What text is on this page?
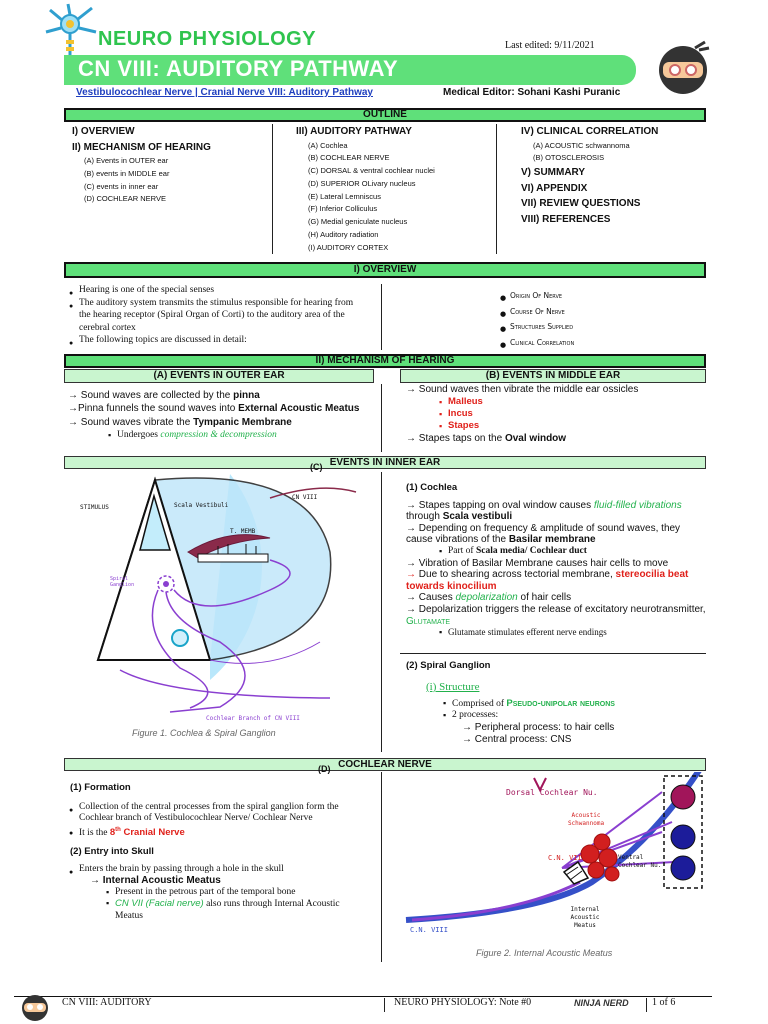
NEURO PHYSIOLOGY	Last edited: 9/11/2021
CN VIII: AUDITORY PATHWAY
Vestibulocochlear Nerve | Cranial Nerve VIII: Auditory Pathway	Medical Editor: Sohani Kashi Puranic
OUTLINE
I) OVERVIEW
II) MECHANISM OF HEARING
(A) Events in OUTER ear
(B) events in MIDDLE ear
(C) events in inner ear
(D) COCHLEAR NERVE
III) AUDITORY PATHWAY
(A) Cochlea
(B) COCHLEAR NERVE
(C) DORSAL & ventral cochlear nuclei
(D) SUPERIOR OLivary nucleus
(E) Lateral Lemniscus
(F) Inferior Colliculus
(G) Medial geniculate nucleus
(H) Auditory radiation
(I) AUDITORY CORTEX
IV) CLINICAL CORRELATION
(A) ACOUSTIC schwannoma
(B) OTOSCLEROSIS
V) SUMMARY
VI) APPENDIX
VII) REVIEW QUESTIONS
VIII) REFERENCES
I) OVERVIEW
● Hearing is one of the special senses
● The auditory system transmits the stimulus responsible for hearing from the hearing receptor (Spiral Organ of Corti) to the auditory area of the cerebral cortex
● The following topics are discussed in detail:
● Origin Of Nerve
● Course Of Nerve
● Structures Supplied
● Clinical Correlation
II) MECHANISM OF HEARING
(A) EVENTS IN OUTER EAR	(B) EVENTS IN MIDDLE EAR
→ Sound waves are collected by the pinna
→Pinna funnels the sound waves into External Acoustic Meatus
→ Sound waves vibrate the Tympanic Membrane
▪ Undergoes compression & decompression
→ Sound waves then vibrate the middle ear ossicles
▪ Malleus
▪ Incus
▪ Stapes
→ Stapes taps on the Oval window
EVENTS IN INNER EAR
(C)
STIMULUS	Scala Vestibuli
CN VIII
T. MEMB
Spiral Ganglion
Cochlear Branch of CN VIII
Figure 1. Cochlea & Spiral Ganglion
(1) Cochlea
→ Stapes tapping on oval window causes fluid-filled vibrations through Scala vestibuli
→ Depending on frequency & amplitude of sound waves, they cause vibrations of the Basilar membrane
▪ Part of Scala media/ Cochlear duct
→ Vibration of Basilar Membrane causes hair cells to move
→ Due to shearing across tectorial membrane, stereocilia beat towards kinocilium
→ Causes depolarization of hair cells
→ Depolarization triggers the release of excitatory neurotransmitter, Glutamate
▪ Glutamate stimulates efferent nerve endings
(2) Spiral Ganglion
(i) Structure
▪ Comprised of Pseudo-unipolar neurons
▪ 2 processes:
→ Peripheral process: to hair cells
→ Central process: CNS
COCHLEAR NERVE
(D)
(1) Formation
● Collection of the central processes from the spiral ganglion form the Cochlear branch of Vestibulocochlear Nerve/ Cochlear Nerve
● It is the 8th Cranial Nerve
(2) Entry into Skull
● Enters the brain by passing through a hole in the skull
→ Internal Acoustic Meatus
▪ Present in the petrous part of the temporal bone
▪ CN VII (Facial nerve) also runs through Internal Acoustic Meatus
Dorsal Cochlear Nu.
Acoustic Schwannoma
C.N. VIII	Ventral Cochlear Nu.
Internal Acoustic Meatus
C.N. VIII
Figure 2. Internal Acoustic Meatus
CN VIII: AUDITORY	NEURO PHYSIOLOGY: Note #0	NINJA NERD 1 of 6
